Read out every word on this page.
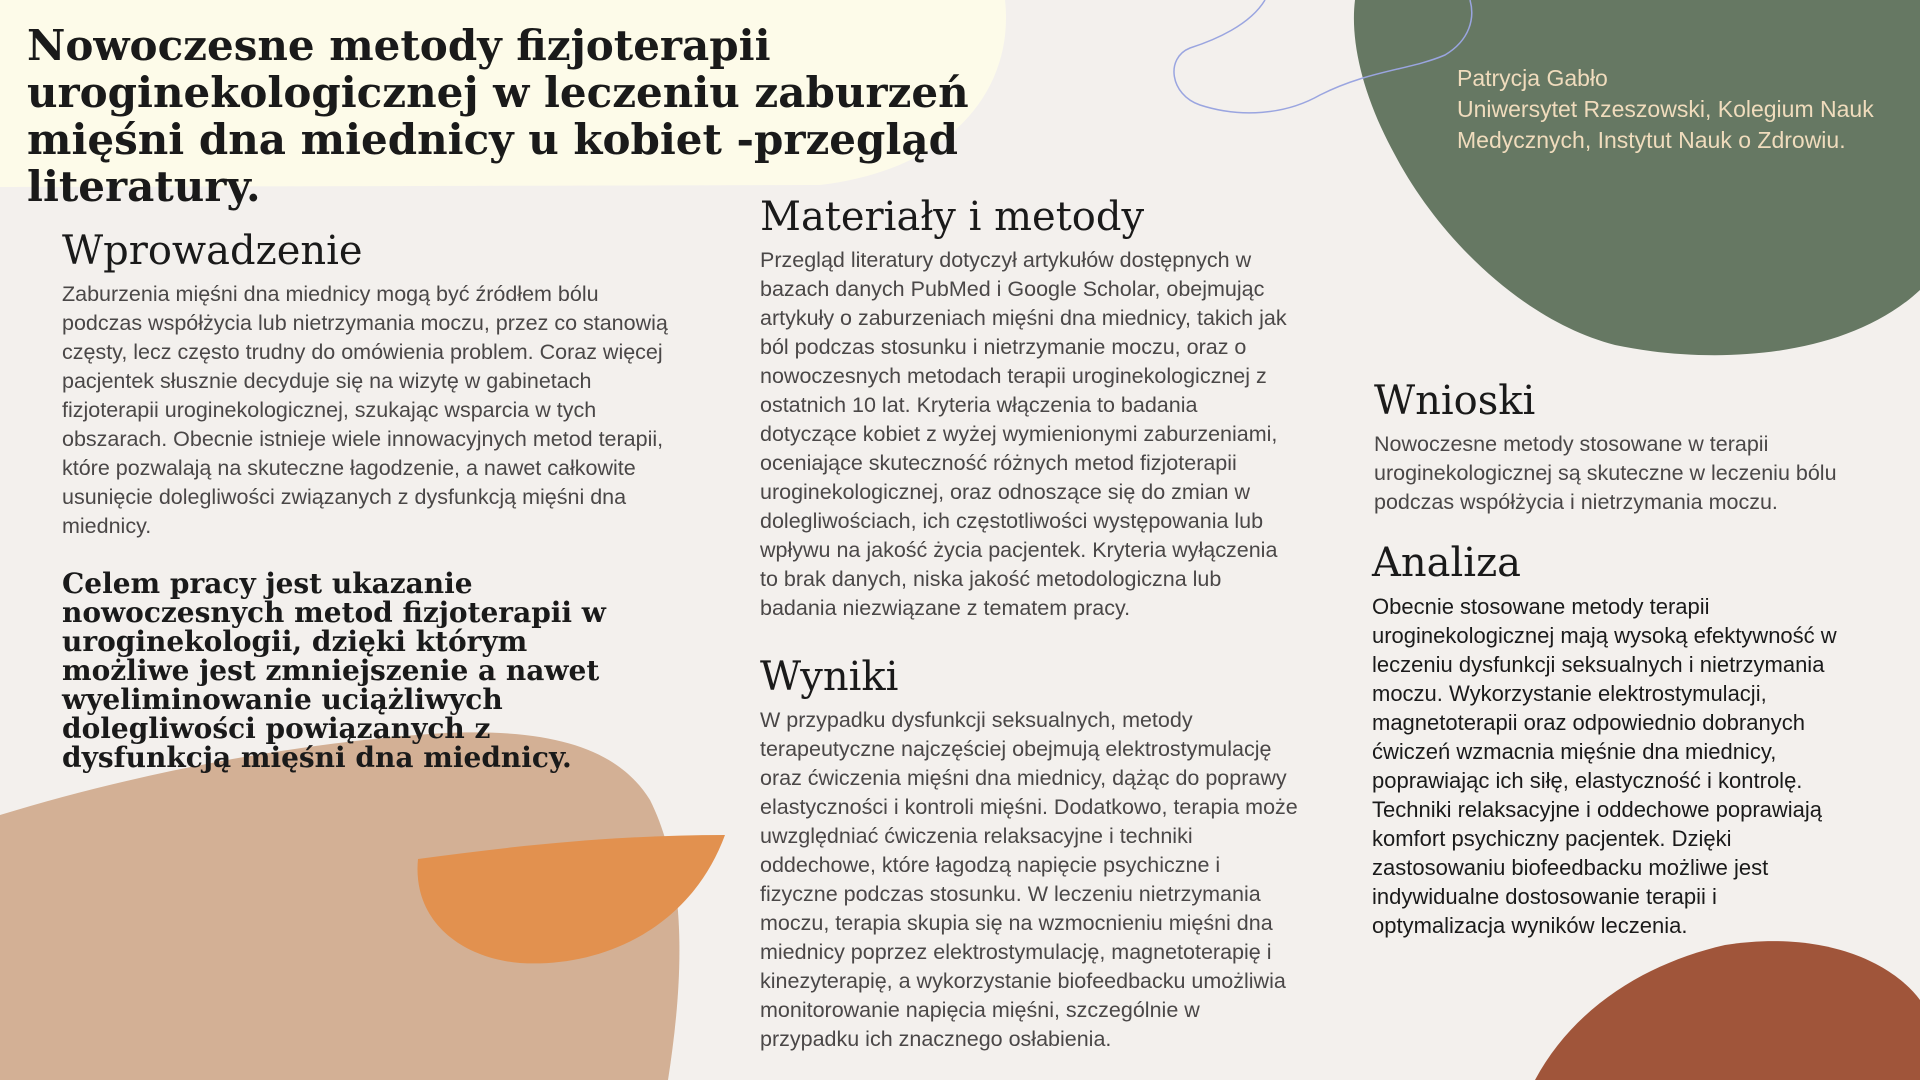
Nowoczesne metody fizjoterapii uroginekologicznej w leczeniu zaburzeń mięśni dna miednicy u kobiet -przegląd literatury.

Patrycja Gabło

Uniwersytet Rzeszowski, Kolegium Nauk Medycznych, Instytut Nauk o Zdrowiu.

Wprowadzenie

Zaburzenia mięśni dna miednicy mogą być źródłem bólu podczas współżycia lub nietrzymania moczu, przez co stanowią częsty, lecz często trudny do omówienia problem. Coraz więcej pacjentek słusznie decyduje się na wizytę w gabinetach fizjoterapii uroginekologicznej, szukając wsparcia w tych obszarach. Obecnie istnieje wiele innowacyjnych metod terapii, które pozwalają na skuteczne łagodzenie, a nawet całkowite usunięcie dolegliwości związanych z dysfunkcją mięśni dna miednicy.

Celem pracy jest ukazanie nowoczesnych metod fizjoterapii w uroginekologii, dzięki którym możliwe jest zmniejszenie a nawet wyeliminowanie uciążliwych dolegliwości powiązanych z dysfunkcją mięśni dna miednicy.

Materiały i metody

Przegląd literatury dotyczył artykułów dostępnych w bazach danych PubMed i Google Scholar, obejmując artykuły o zaburzeniach mięśni dna miednicy, takich jak ból podczas stosunku i nietrzymanie moczu, oraz o nowoczesnych metodach terapii uroginekologicznej z ostatnich 10 lat. Kryteria włączenia to badania dotyczące kobiet z wyżej wymienionymi zaburzeniami, oceniające skuteczność różnych metod fizjoterapii uroginekologicznej, oraz odnoszące się do zmian w dolegliwościach, ich częstotliwości występowania lub wpływu na jakość życia pacjentek. Kryteria wyłączenia to brak danych, niska jakość metodologiczna lub badania niezwiązane z tematem pracy.

Wyniki

W przypadku dysfunkcji seksualnych, metody terapeutyczne najczęściej obejmują elektrostymulację oraz ćwiczenia mięśni dna miednicy, dążąc do poprawy elastyczności i kontroli mięśni. Dodatkowo, terapia może uwzględniać ćwiczenia relaksacyjne i techniki oddechowe, które łagodzą napięcie psychiczne i fizyczne podczas stosunku. W leczeniu nietrzymania moczu, terapia skupia się na wzmocnieniu mięśni dna miednicy poprzez elektrostymulację, magnetoterapię i kinezyterapię, a wykorzystanie biofeedbacku umożliwia monitorowanie napięcia mięśni, szczególnie w przypadku ich znacznego osłabienia.

Wnioski

Nowoczesne metody stosowane w terapii uroginekologicznej są skuteczne w leczeniu bólu podczas współżycia i nietrzymania moczu.

Analiza

Obecnie stosowane metody terapii uroginekologicznej mają wysoką efektywność w leczeniu dysfunkcji seksualnych i nietrzymania moczu. Wykorzystanie elektrostymulacji, magnetoterapii oraz odpowiednio dobranych ćwiczeń wzmacnia mięśnie dna miednicy, poprawiając ich siłę, elastyczność i kontrolę. Techniki relaksacyjne i oddechowe poprawiają komfort psychiczny pacjentek. Dzięki zastosowaniu biofeedbacku możliwe jest indywidualne dostosowanie terapii i optymalizacja wyników leczenia.
